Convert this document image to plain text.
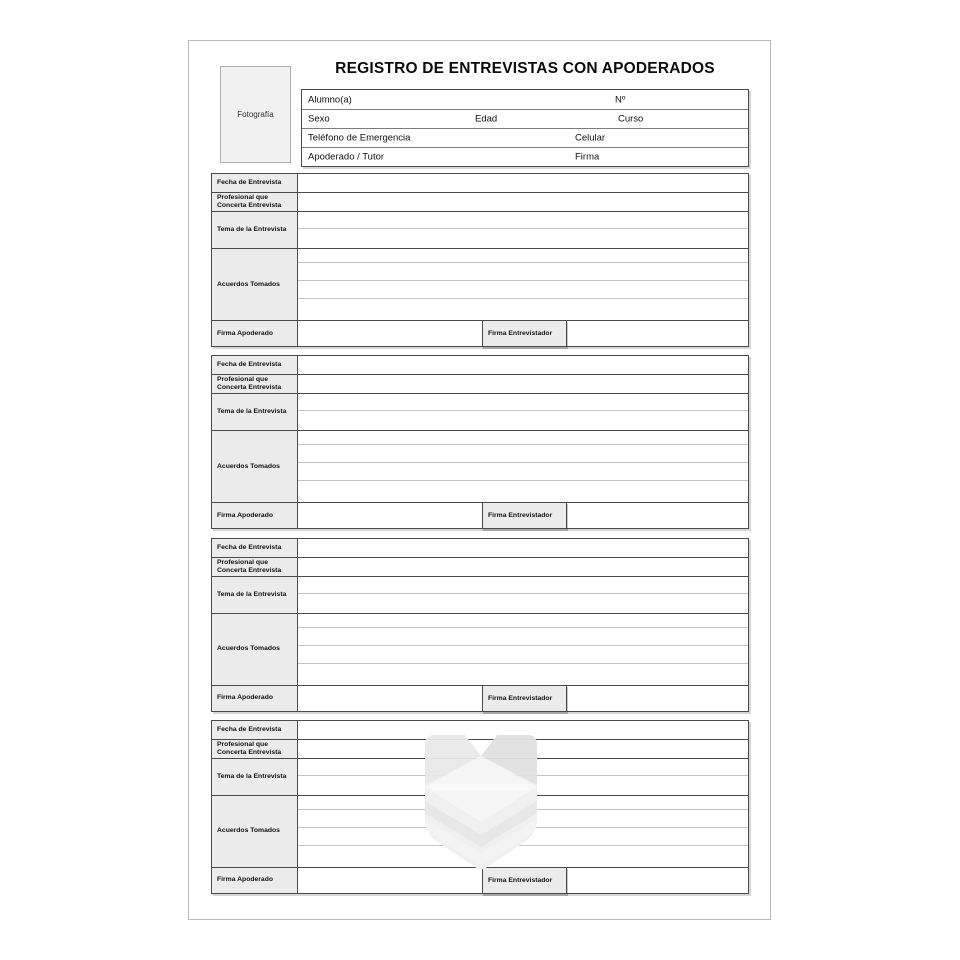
Fotografía
REGISTRO DE ENTREVISTAS CON APODERADOS
Alumno(a)	Nº
Sexo	Edad	Curso
Teléfono de Emergencia	Celular
Apoderado / Tutor	Firma
Fecha de Entrevista
Profesional que Concerta Entrevista
Tema de la Entrevista
Acuerdos Tomados
Firma Apoderado	Firma Entrevistador
Fecha de Entrevista
Profesional que Concerta Entrevista
Tema de la Entrevista
Acuerdos Tomados
Firma Apoderado	Firma Entrevistador
Fecha de Entrevista
Profesional que Concerta Entrevista
Tema de la Entrevista
Acuerdos Tomados
Firma Apoderado	Firma Entrevistador
Fecha de Entrevista
Profesional que Concerta Entrevista
Tema de la Entrevista
Acuerdos Tomados
Firma Apoderado	Firma Entrevistador
